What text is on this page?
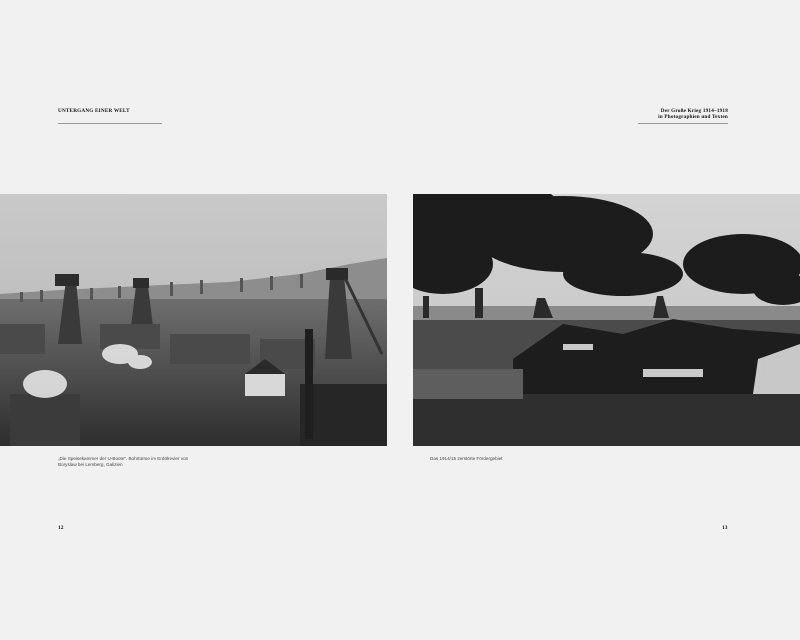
UNTERGANG EINER WELT	Der Große Krieg 1914–1918
in Photographien und Texten
„Die Speisekammer der U-Boote“. Bohrtürme im Erdölrevier von Boryslaw bei Lemberg, Galizien
Das 1914/15 zerstörte Fördergebiet
12	13
